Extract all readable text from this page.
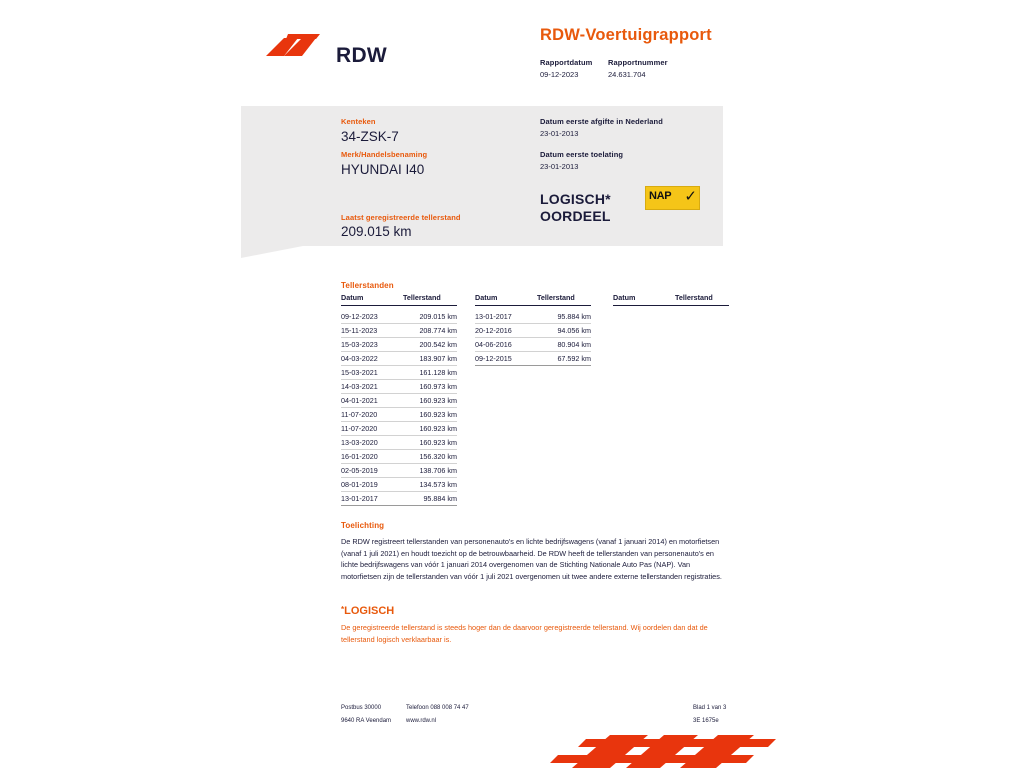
RDW
RDW-Voertuigrapport
Rapportdatum
09-12-2023
Rapportnummer
24.631.704
Kenteken
34-ZSK-7
Merk/Handelsbenaming
HYUNDAI I40
Laatst geregistreerde tellerstand
209.015 km
Datum eerste afgifte in Nederland
23-01-2013
Datum eerste toelating
23-01-2013
LOGISCH*
OORDEEL
NAP ✓
Tellerstanden
Datum	Tellerstand
09-12-2023	209.015 km
15-11-2023	208.774 km
15-03-2023	200.542 km
04-03-2022	183.907 km
15-03-2021	161.128 km
14-03-2021	160.973 km
04-01-2021	160.923 km
11-07-2020	160.923 km
11-07-2020	160.923 km
13-03-2020	160.923 km
16-01-2020	156.320 km
02-05-2019	138.706 km
08-01-2019	134.573 km
13-01-2017	95.884 km
Datum	Tellerstand
13-01-2017	95.884 km
20-12-2016	94.056 km
04-06-2016	80.904 km
09-12-2015	67.592 km
Datum	Tellerstand
Toelichting
De RDW registreert tellerstanden van personenauto's en lichte bedrijfswagens (vanaf 1 januari 2014) en motorfietsen (vanaf 1 juli 2021) en houdt toezicht op de betrouwbaarheid. De RDW heeft de tellerstanden van personenauto's en lichte bedrijfswagens van vóór 1 januari 2014 overgenomen van de Stichting Nationale Auto Pas (NAP). Van motorfietsen zijn de tellerstanden van vóór 1 juli 2021 overgenomen uit twee andere externe tellerstanden registraties.
*LOGISCH
De geregistreerde tellerstand is steeds hoger dan de daarvoor geregistreerde tellerstand. Wij oordelen dan dat de tellerstand logisch verklaarbaar is.
Postbus 30000	Telefoon 088 008 74 47
9640 RA Veendam	www.rdw.nl
Blad 1 van 3
3E 1675e
